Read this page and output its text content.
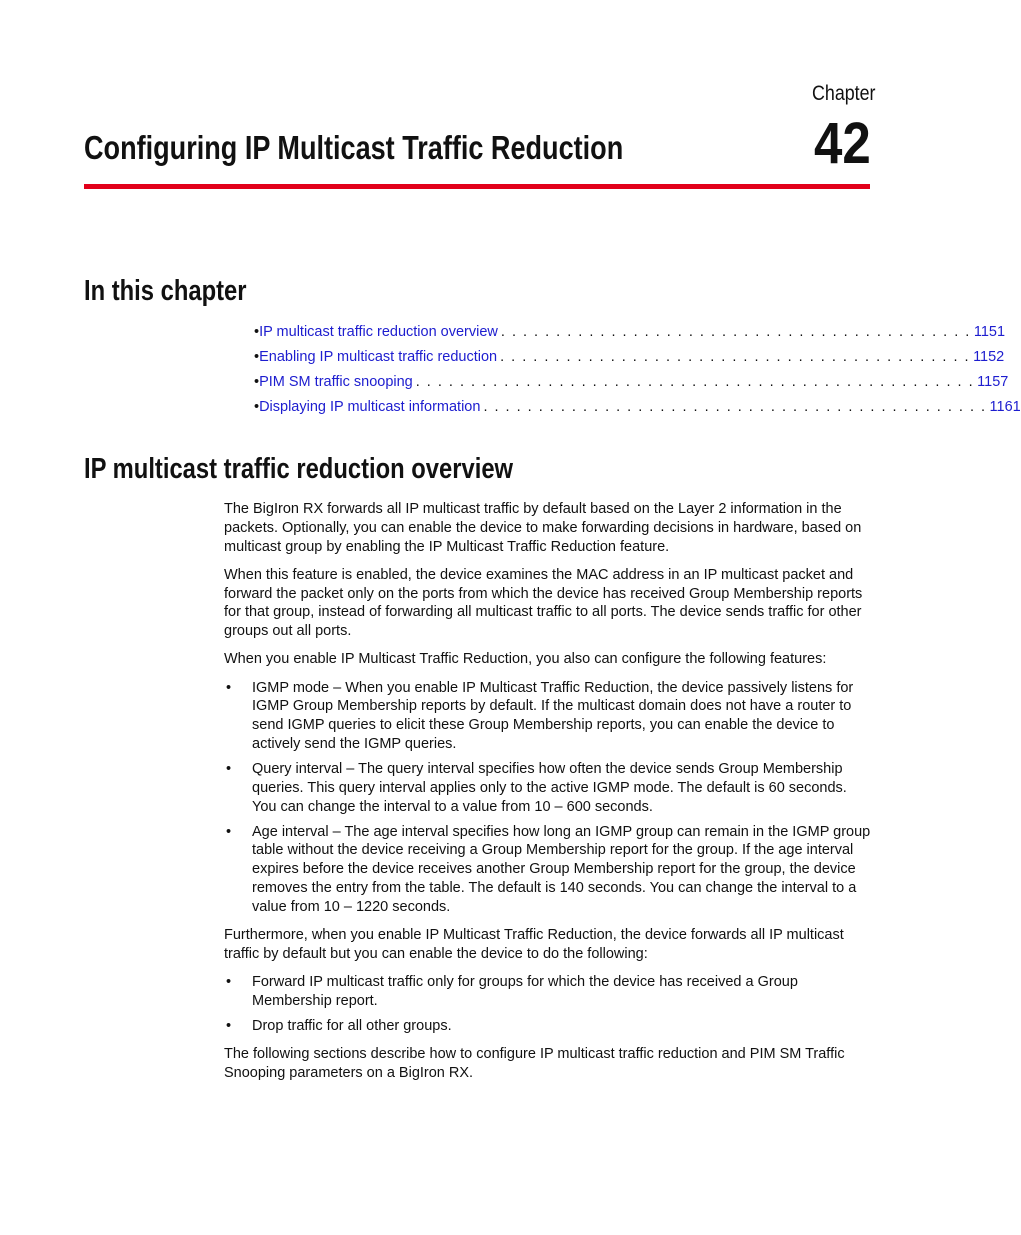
Chapter
42
Configuring IP Multicast Traffic Reduction
In this chapter
• IP multicast traffic reduction overview . . . . . . . . . . . . . . . . . . . . . . . . . . . . . . . . . . . . . . . . . . . 1151
• Enabling IP multicast traffic reduction . . . . . . . . . . . . . . . . . . . . . . . . . . . . . . . . . . . . . . . . . . . 1152
• PIM SM traffic snooping . . . . . . . . . . . . . . . . . . . . . . . . . . . . . . . . . . . . . . . . . . . . . . . . . . . 1157
• Displaying IP multicast information . . . . . . . . . . . . . . . . . . . . . . . . . . . . . . . . . . . . . . . . . . . . . . 1161
IP multicast traffic reduction overview

The BigIron RX forwards all IP multicast traffic by default based on the Layer 2 information in the packets. Optionally, you can enable the device to make forwarding decisions in hardware, based on multicast group by enabling the IP Multicast Traffic Reduction feature.

When this feature is enabled, the device examines the MAC address in an IP multicast packet and forward the packet only on the ports from which the device has received Group Membership reports for that group, instead of forwarding all multicast traffic to all ports. The device sends traffic for other groups out all ports.

When you enable IP Multicast Traffic Reduction, you also can configure the following features:

• IGMP mode – When you enable IP Multicast Traffic Reduction, the device passively listens for IGMP Group Membership reports by default. If the multicast domain does not have a router to send IGMP queries to elicit these Group Membership reports, you can enable the device to actively send the IGMP queries.
• Query interval – The query interval specifies how often the device sends Group Membership queries. This query interval applies only to the active IGMP mode. The default is 60 seconds. You can change the interval to a value from 10 – 600 seconds.
• Age interval – The age interval specifies how long an IGMP group can remain in the IGMP group table without the device receiving a Group Membership report for the group. If the age interval expires before the device receives another Group Membership report for the group, the device removes the entry from the table. The default is 140 seconds. You can change the interval to a value from 10 – 1220 seconds.

Furthermore, when you enable IP Multicast Traffic Reduction, the device forwards all IP multicast traffic by default but you can enable the device to do the following:

• Forward IP multicast traffic only for groups for which the device has received a Group Membership report.
• Drop traffic for all other groups.

The following sections describe how to configure IP multicast traffic reduction and PIM SM Traffic Snooping parameters on a BigIron RX.
